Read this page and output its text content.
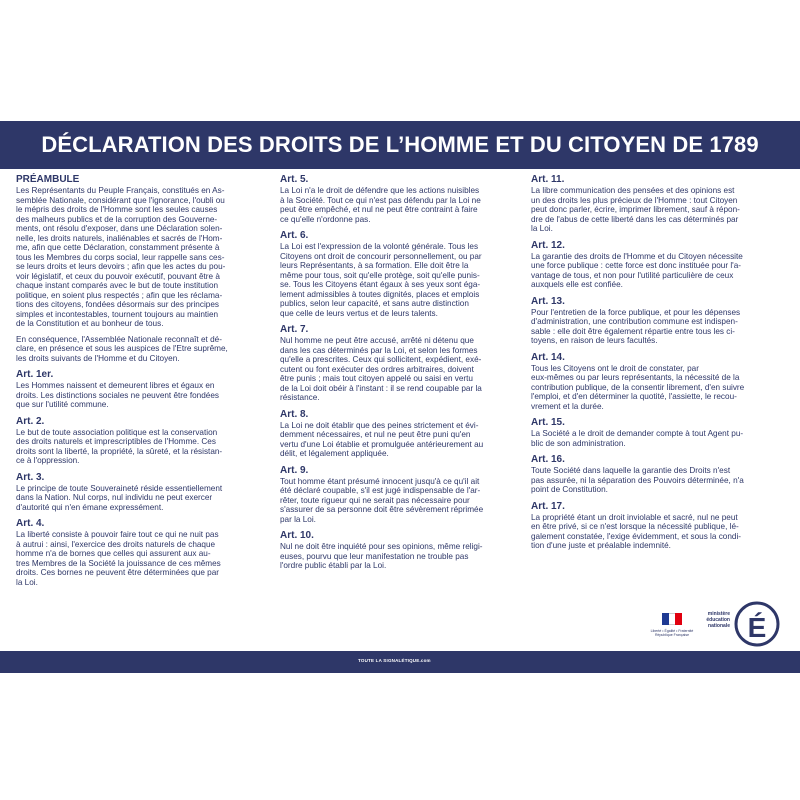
DÉCLARATION DES DROITS DE L’HOMME ET DU CITOYEN DE 1789
PRÉAMBULE
Les Représentants du Peuple Français, constitués en As-
semblée Nationale, considérant que l'ignorance, l'oubli ou
le mépris des droits de l'Homme sont les seules causes
des malheurs publics et de la corruption des Gouverne-
ments, ont résolu d'exposer, dans une Déclaration solen-
nelle, les droits naturels, inaliénables et sacrés de l'Hom-
me, afin que cette Déclaration, constamment présente à
tous les Membres du corps social, leur rappelle sans ces-
se leurs droits et leurs devoirs ; afin que les actes du pou-
voir législatif, et ceux du pouvoir exécutif, pouvant être à
chaque instant comparés avec le but de toute institution
politique, en soient plus respectés ; afin que les réclama-
tions des citoyens, fondées désormais sur des principes
simples et incontestables, tournent toujours au maintien
de la Constitution et au bonheur de tous.
En conséquence, l'Assemblée Nationale reconnaît et dé-
clare, en présence et sous les auspices de l'Etre suprême,
les droits suivants de l'Homme et du Citoyen.
Art. 1er.
Les Hommes naissent et demeurent libres et égaux en
droits. Les distinctions sociales ne peuvent être fondées
que sur l'utilité commune.
Art. 2.
Le but de toute association politique est la conservation
des droits naturels et imprescriptibles de l'Homme. Ces
droits sont la liberté, la propriété, la sûreté, et la résistan-
ce à l'oppression.
Art. 3.
Le principe de toute Souveraineté réside essentiellement
dans la Nation. Nul corps, nul individu ne peut exercer
d'autorité qui n'en émane expressément.
Art. 4.
La liberté consiste à pouvoir faire tout ce qui ne nuit pas
à autrui : ainsi, l'exercice des droits naturels de chaque
homme n'a de bornes que celles qui assurent aux au-
tres Membres de la Société la jouissance de ces mêmes
droits. Ces bornes ne peuvent être déterminées que par
la Loi.
Art. 5.
La Loi n'a le droit de défendre que les actions nuisibles
à la Société. Tout ce qui n'est pas défendu par la Loi ne
peut être empêché, et nul ne peut être contraint à faire
ce qu'elle n'ordonne pas.
Art. 6.
La Loi est l'expression de la volonté générale. Tous les
Citoyens ont droit de concourir personnellement, ou par
leurs Représentants, à sa formation. Elle doit être la
même pour tous, soit qu'elle protège, soit qu'elle punis-
se. Tous les Citoyens étant égaux à ses yeux sont éga-
lement admissibles à toutes dignités, places et emplois
publics, selon leur capacité, et sans autre distinction
que celle de leurs vertus et de leurs talents.
Art. 7.
Nul homme ne peut être accusé, arrêté ni détenu que
dans les cas déterminés par la Loi, et selon les formes
qu'elle a prescrites. Ceux qui sollicitent, expédient, exé-
cutent ou font exécuter des ordres arbitraires, doivent
être punis ; mais tout citoyen appelé ou saisi en vertu
de la Loi doit obéir à l'instant : il se rend coupable par la
résistance.
Art. 8.
La Loi ne doit établir que des peines strictement et évi-
demment nécessaires, et nul ne peut être puni qu'en
vertu d'une Loi établie et promulguée antérieurement au
délit, et légalement appliquée.
Art. 9.
Tout homme étant présumé innocent jusqu'à ce qu'il ait
été déclaré coupable, s'il est jugé indispensable de l'ar-
rêter, toute rigueur qui ne serait pas nécessaire pour
s'assurer de sa personne doit être sévèrement réprimée
par la Loi.
Art. 10.
Nul ne doit être inquiété pour ses opinions, même religi-
euses, pourvu que leur manifestation ne trouble pas
l'ordre public établi par la Loi.
Art. 11.
La libre communication des pensées et des opinions est
un des droits les plus précieux de l'Homme : tout Citoyen
peut donc parler, écrire, imprimer librement, sauf à répon-
dre de l'abus de cette liberté dans les cas déterminés par
la Loi.
Art. 12.
La garantie des droits de l'Homme et du Citoyen nécessite
une force publique : cette force est donc instituée pour l'a-
vantage de tous, et non pour l'utilité particulière de ceux
auxquels elle est confiée.
Art. 13.
Pour l'entretien de la force publique, et pour les dépenses
d'administration, une contribution commune est indispen-
sable : elle doit être également répartie entre tous les ci-
toyens, en raison de leurs facultés.
Art. 14.
Tous les Citoyens ont le droit de constater, par
eux-mêmes ou par leurs représentants, la nécessité de la
contribution publique, de la consentir librement, d'en suivre
l'emploi, et d'en déterminer la quotité, l'assiette, le recou-
vrement et la durée.
Art. 15.
La Société a le droit de demander compte à tout Agent pu-
blic de son administration.
Art. 16.
Toute Société dans laquelle la garantie des Droits n'est
pas assurée, ni la séparation des Pouvoirs déterminée, n'a
point de Constitution.
Art. 17.
La propriété étant un droit inviolable et sacré, nul ne peut
en être privé, si ce n'est lorsque la nécessité publique, lé-
galement constatée, l'exige évidemment, et sous la condi-
tion d'une juste et préalable indemnité.
Liberté • Égalité • Fraternité
République Française
ministère
éducation
nationale É
TOUTE LA SIGNALÉTIQUE.com
